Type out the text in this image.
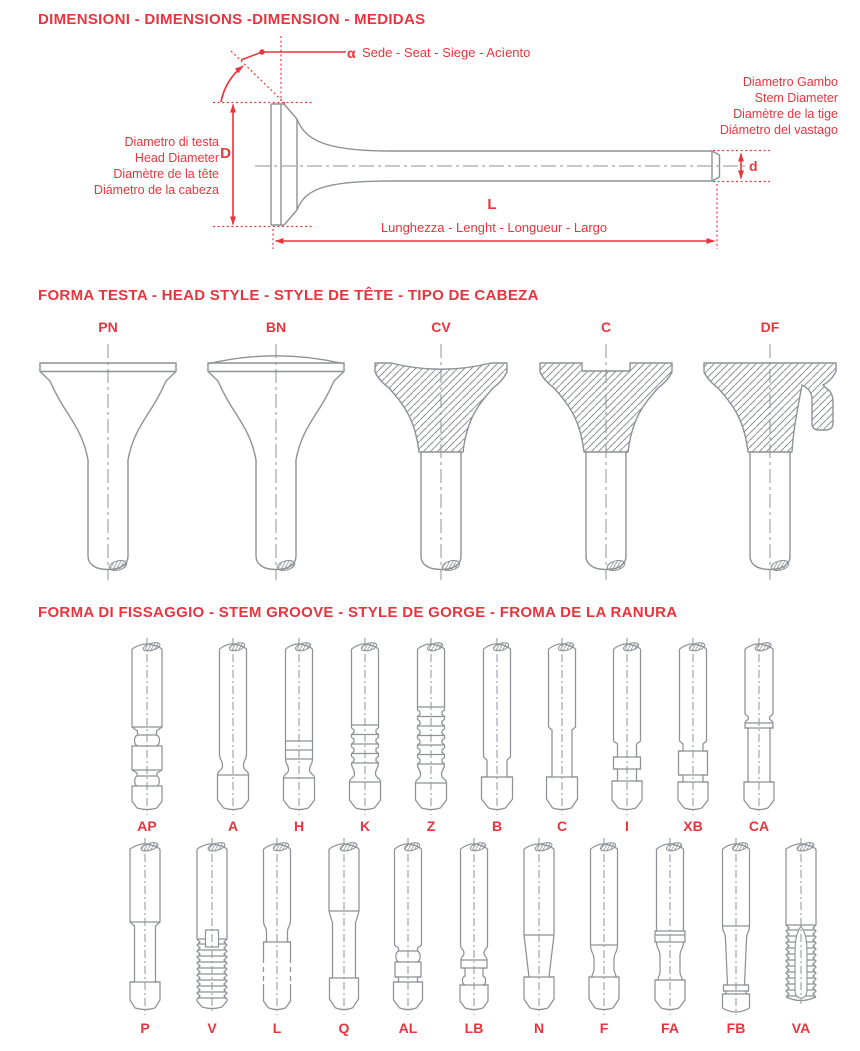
DIMENSIONI - DIMENSIONS -DIMENSION - MEDIDAS
FORMA TESTA - HEAD STYLE - STYLE DE TÊTE - TIPO DE CABEZA
FORMA DI FISSAGGIO - STEM GROOVE - STYLE DE GORGE - FROMA DE LA RANURA
α Sede - Seat - Siege - Acìento
D
Diametro di testa
Head Diameter
Diamètre de la tête
Diámetro de la cabeza
Diametro Gambo
Stem Diameter
Diamètre de la tige
Diámetro del vastago
d
L
Lunghezza - Lenght - Longueur - Largo
PN	BN	CV	C	DF
AP	A	H	K	Z	B	C	I	XB	CA
P	V	L	Q	AL	LB	N	F	FA	FB	VA
